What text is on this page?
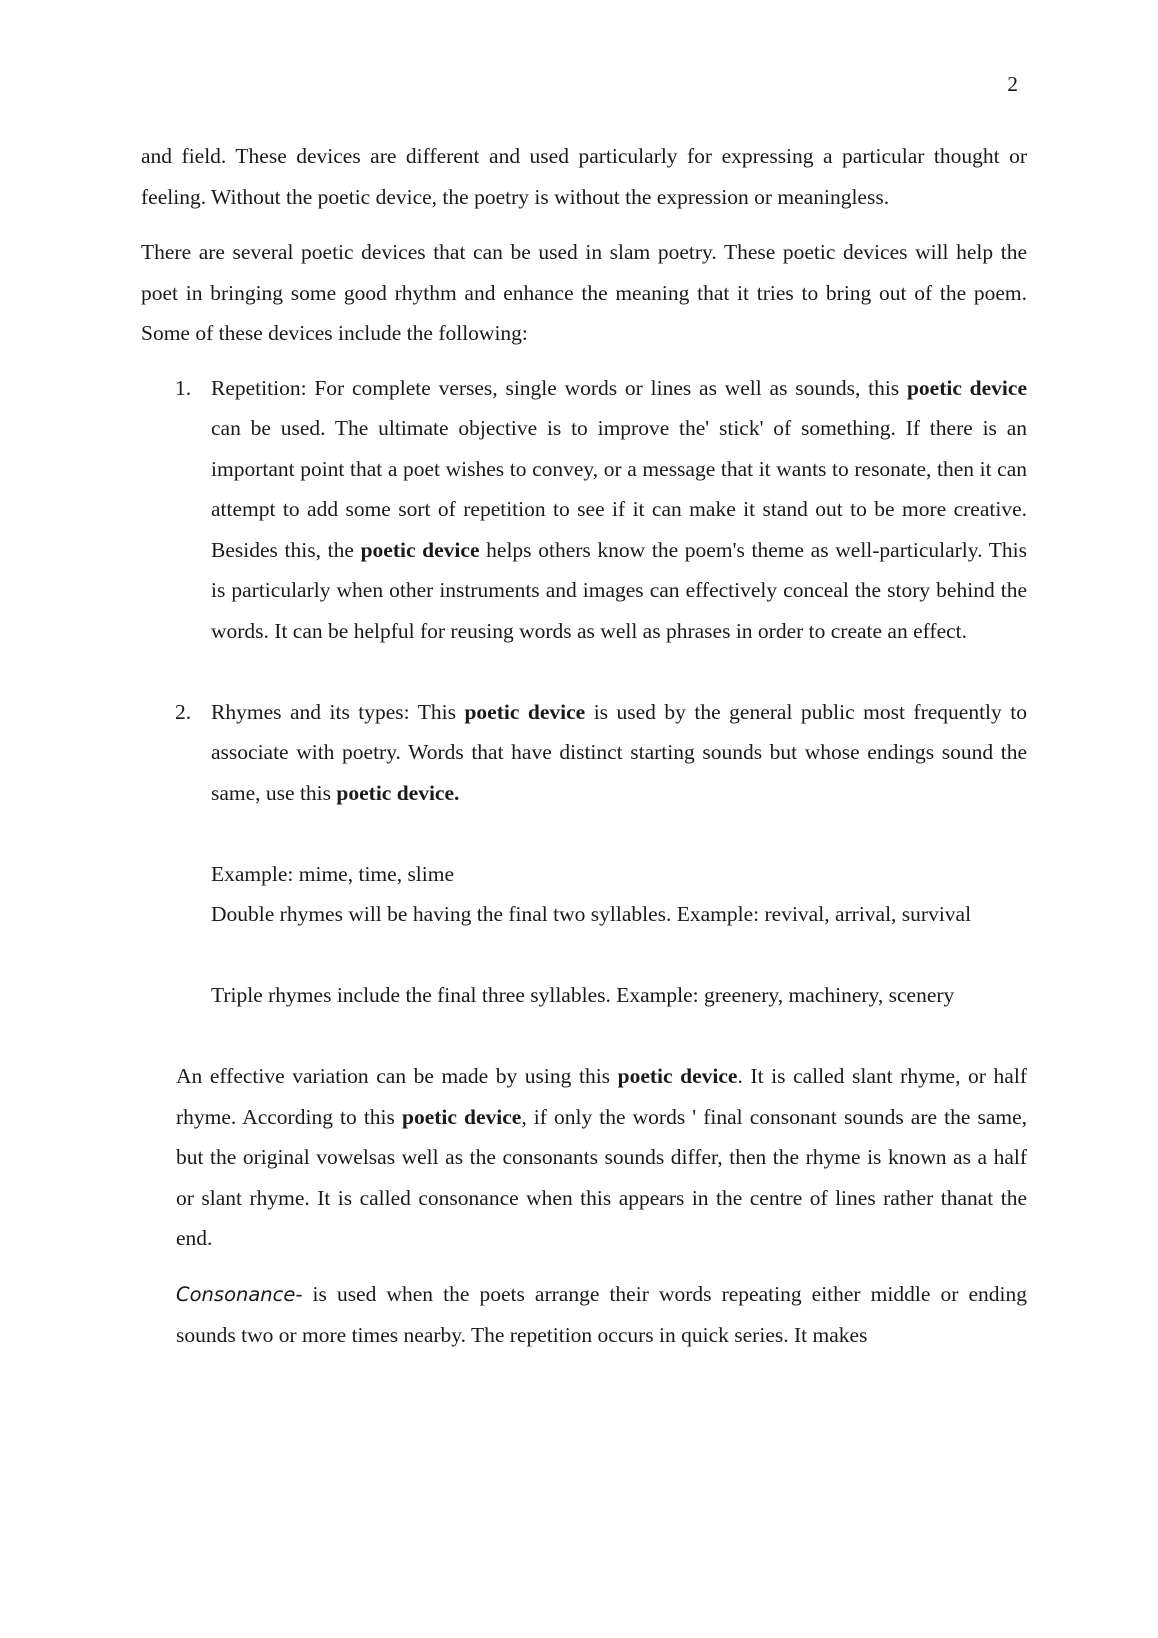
2

and field. These devices are different and used particularly for expressing a particular thought or feeling. Without the poetic device, the poetry is without the expression or meaningless.

There are several poetic devices that can be used in slam poetry. These poetic devices will help the poet in bringing some good rhythm and enhance the meaning that it tries to bring out of the poem. Some of these devices include the following:

1. Repetition: For complete verses, single words or lines as well as sounds, this poetic device can be used. The ultimate objective is to improve the' stick' of something. If there is an important point that a poet wishes to convey, or a message that it wants to resonate, then it can attempt to add some sort of repetition to see if it can make it stand out to be more creative. Besides this, the poetic device helps others know the poem's theme as well-particularly. This is particularly when other instruments and images can effectively conceal the story behind the words. It can be helpful for reusing words as well as phrases in order to create an effect.

2. Rhymes and its types: This poetic device is used by the general public most frequently to associate with poetry. Words that have distinct starting sounds but whose endings sound the same, use this poetic device.

Example: mime, time, slime

Double rhymes will be having the final two syllables. Example: revival, arrival, survival

Triple rhymes include the final three syllables. Example: greenery, machinery, scenery

An effective variation can be made by using this poetic device. It is called slant rhyme, or half rhyme. According to this poetic device, if only the words ' final consonant sounds are the same, but the original vowelsas well as the consonants sounds differ, then the rhyme is known as a half or slant rhyme. It is called consonance when this appears in the centre of lines rather thanat the end.

Consonance- is used when the poets arrange their words repeating either middle or ending sounds two or more times nearby. The repetition occurs in quick series. It makes
